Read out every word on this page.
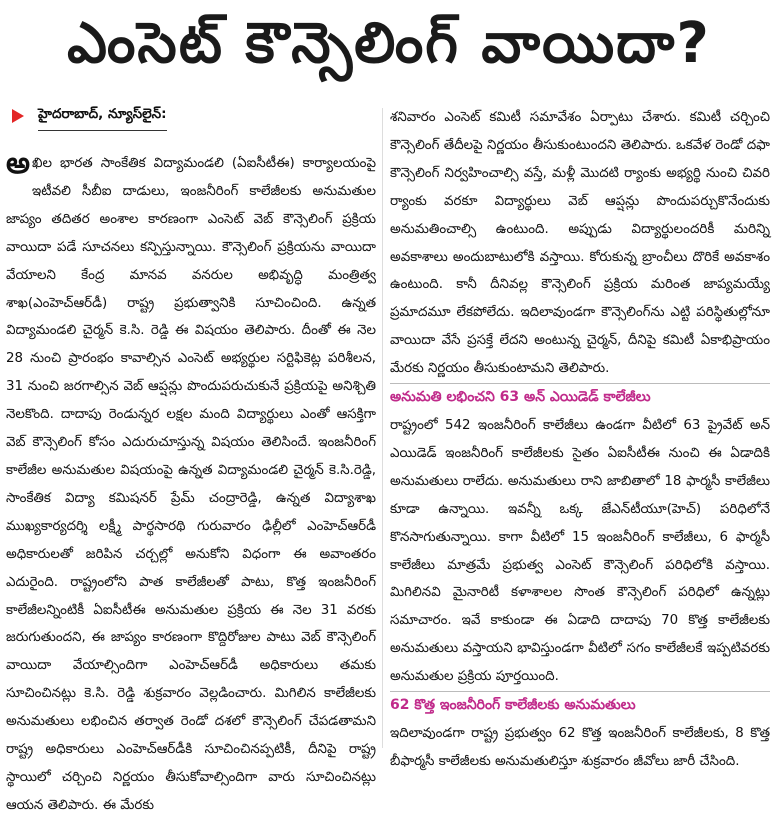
ఎంసెట్ కౌన్సెలింగ్ వాయిదా?
హైదరాబాద్, న్యూస్‌లైన్:

అఖిల భారత సాంకేతిక విద్యామండలి (ఏఐసీటీఈ) కార్యాలయంపై ఇటీవలి సీబీఐ దాడులు, ఇంజనీరింగ్ కాలేజీలకు అనుమతుల జాప్యం తదితర అంశాల కారణంగా ఎంసెట్ వెబ్ కౌన్సెలింగ్ ప్రక్రియ వాయిదా పడే సూచనలు కన్పిస్తున్నాయి. కౌన్సెలింగ్ ప్రక్రియను వాయిదా వేయాలని కేంద్ర మానవ వనరుల అభివృద్ధి మంత్రిత్వ శాఖ(ఎంహెచ్‌ఆర్‌డీ) రాష్ట్ర ప్రభుత్వానికి సూచించింది. ఉన్నత విద్యామండలి చైర్మన్ కె.సి. రెడ్డి ఈ విషయం తెలిపారు. దీంతో ఈ నెల 28 నుంచి ప్రారంభం కావాల్సిన ఎంసెట్ అభ్యర్థుల సర్టిఫికెట్ల పరిశీలన, 31 నుంచి జరగాల్సిన వెబ్ ఆప్షన్లు పొందుపరుచుకునే ప్రక్రియపై అనిశ్చితి నెలకొంది. దాదాపు రెండున్నర లక్షల మంది విద్యార్థులు ఎంతో ఆసక్తిగా వెబ్ కౌన్సెలింగ్ కోసం ఎదురుచూస్తున్న విషయం తెలిసిందే. ఇంజనీరింగ్ కాలేజీల అనుమతుల విషయంపై ఉన్నత విద్యామండలి చైర్మన్ కె.సి.రెడ్డి, సాంకేతిక విద్యా కమిషనర్ ప్రేమ్ చంద్రారెడ్డి, ఉన్నత విద్యాశాఖ ముఖ్యకార్యదర్శి లక్ష్మీ పార్థసారథి గురువారం ఢిల్లీలో ఎంహెచ్‌ఆర్‌డీ అధికారులతో జరిపిన చర్చల్లో అనుకోని విధంగా ఈ అవాంతరం ఎదురైంది. రాష్ట్రంలోని పాత కాలేజీలతో పాటు, కొత్త ఇంజనీరింగ్ కాలేజీలన్నింటికీ ఏఐసీటీఈ అనుమతుల ప్రక్రియ ఈ నెల 31 వరకు జరుగుతుందని, ఈ జాప్యం కారణంగా కొద్దిరోజుల పాటు వెబ్ కౌన్సెలింగ్ వాయిదా వేయాల్సిందిగా ఎంహెచ్‌ఆర్‌డీ అధికారులు తమకు సూచించినట్లు కె.సి. రెడ్డి శుక్రవారం వెల్లడించారు. మిగిలిన కాలేజీలకు అనుమతులు లభించిన తర్వాత రెండో దశలో కౌన్సెలింగ్ చేపడతామని రాష్ట్ర అధికారులు ఎంహెచ్‌ఆర్‌డీకి సూచించినప్పటికీ, దీనిపై రాష్ట్ర స్థాయిలో చర్చించి నిర్ణయం తీసుకోవాల్సిందిగా వారు సూచించినట్లు ఆయన తెలిపారు. ఈ మేరకు

శనివారం ఎంసెట్ కమిటీ సమావేశం ఏర్పాటు చేశారు. కమిటీ చర్చించి కౌన్సెలింగ్ తేదీలపై నిర్ణయం తీసుకుంటుందని తెలిపారు. ఒకవేళ రెండో దఫా కౌన్సెలింగ్ నిర్వహించాల్సి వస్తే, మళ్లీ మొదటి ర్యాంకు అభ్యర్థి నుంచి చివరి ర్యాంకు వరకూ విద్యార్థులు వెబ్ ఆప్షన్లు పొందుపర్చుకొనేందుకు అనుమతించాల్సి ఉంటుంది. అప్పుడు విద్యార్థులందరికీ మరిన్ని అవకాశాలు అందుబాటులోకి వస్తాయి. కోరుకున్న బ్రాంచీలు దొరికే అవకాశం ఉంటుంది. కానీ దీనివల్ల కౌన్సెలింగ్ ప్రక్రియ మరింత జాప్యమయ్యే ప్రమాదమూ లేకపోలేదు. ఇదిలావుండగా కౌన్సెలింగ్‌ను ఎట్టి పరిస్థితుల్లోనూ వాయిదా వేసే ప్రసక్తే లేదని అంటున్న చైర్మన్, దీనిపై కమిటీ ఏకాభిప్రాయం మేరకు నిర్ణయం తీసుకుంటామని తెలిపారు.

అనుమతి లభించని 63 అన్ ఎయిడెడ్ కాలేజీలు

రాష్ట్రంలో 542 ఇంజనీరింగ్ కాలేజీలు ఉండగా వీటిలో 63 ప్రైవేట్ అన్ ఎయిడెడ్ ఇంజనీరింగ్ కాలేజీలకు సైతం ఏఐసీటీఈ నుంచి ఈ ఏడాదికి అనుమతులు రాలేదు. అనుమతులు రాని జాబితాలో 18 ఫార్మసీ కాలేజీలు కూడా ఉన్నాయి. ఇవన్నీ ఒక్క జేఎన్‌టీయూ(హెచ్) పరిధిలోనే కొనసాగుతున్నాయి. కాగా వీటిలో 15 ఇంజనీరింగ్ కాలేజీలు, 6 ఫార్మసీ కాలేజీలు మాత్రమే ప్రభుత్వ ఎంసెట్ కౌన్సెలింగ్ పరిధిలోకి వస్తాయి. మిగిలినవి మైనారిటీ కళాశాలల సొంత కౌన్సెలింగ్ పరిధిలో ఉన్నట్లు సమాచారం. ఇవే కాకుండా ఈ ఏడాది దాదాపు 70 కొత్త కాలేజీలకు అనుమతులు వస్తాయని భావిస్తుండగా వీటిలో సగం కాలేజీలకే ఇప్పటివరకు అనుమతుల ప్రక్రియ పూర్తయింది.

62 కొత్త ఇంజనీరింగ్ కాలేజీలకు అనుమతులు

ఇదిలావుండగా రాష్ట్ర ప్రభుత్వం 62 కొత్త ఇంజనీరింగ్ కాలేజీలకు, 8 కొత్త బీఫార్మసీ కాలేజీలకు అనుమతులిస్తూ శుక్రవారం జీవోలు జారీ చేసింది.
